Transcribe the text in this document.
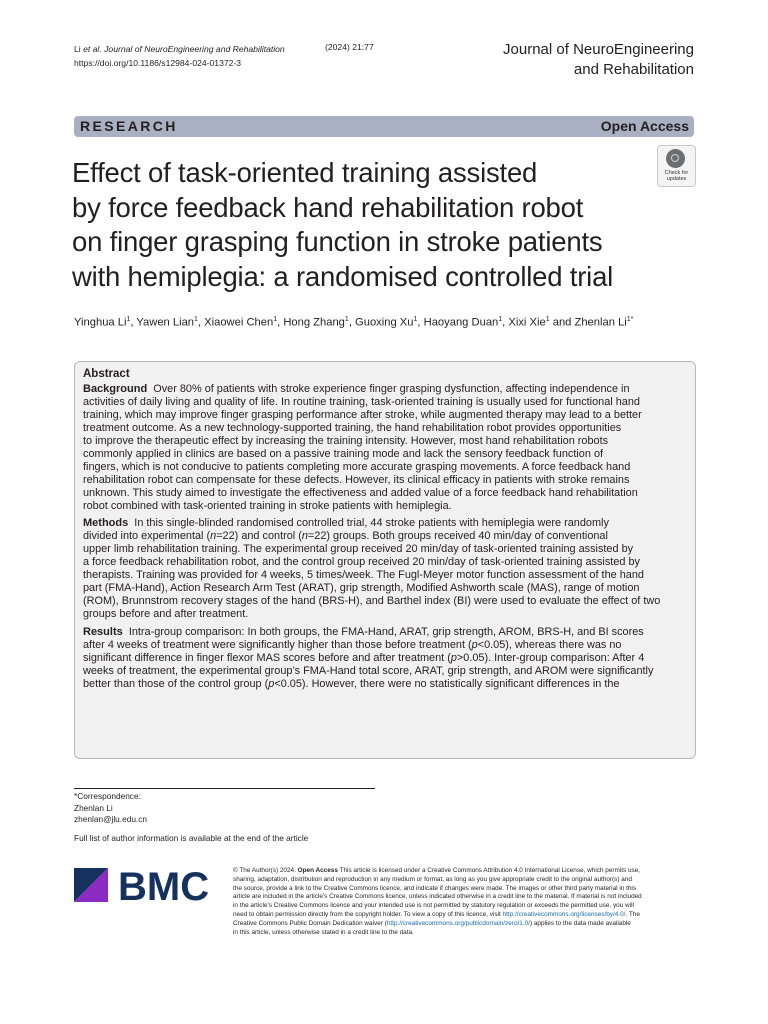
Li et al. Journal of NeuroEngineering and Rehabilitation
https://doi.org/10.1186/s12984-024-01372-3
(2024) 21:77	Journal of NeuroEngineering
and Rehabilitation
RESEARCH	Open Access
Check for
updates
Effect of task-oriented training assisted
by force feedback hand rehabilitation robot
on finger grasping function in stroke patients
with hemiplegia: a randomised controlled trial
Yinghua Li$^1$, Yawen Lian$^1$, Xiaowei Chen$^1$, Hong Zhang$^1$, Guoxing Xu$^1$, Haoyang Duan$^1$, Xixi Xie$^1$ and Zhenlan $Li^{1*}$
Abstract
Background Over 80% of patients with stroke experience finger grasping dysfunction, affecting independence in
activities of daily living and quality of life. In routine training, task-oriented training is usually used for functional hand
training, which may improve finger grasping performance after stroke, while augmented therapy may lead to a better
treatment outcome. As a new technology-supported training, the hand rehabilitation robot provides opportunities
to improve the therapeutic effect by increasing the training intensity. However, most hand rehabilitation robots
commonly applied in clinics are based on a passive training mode and lack the sensory feedback function of
fingers, which is not conducive to patients completing more accurate grasping movements. A force feedback hand
rehabilitation robot can compensate for these defects. However, its clinical efficacy in patients with stroke remains
unknown. This study aimed to investigate the effectiveness and added value of a force feedback hand rehabilitation
robot combined with task-oriented training in stroke patients with hemiplegia.
Methods In this single-blinded randomised controlled trial, 44 stroke patients with hemiplegia were randomly
divided into experimental (n=22) and control (n=22) groups. Both groups received 40 min/day of conventional
upper limb rehabilitation training. The experimental group received 20 min/day of task-oriented training assisted by
a force feedback rehabilitation robot, and the control group received 20 min/day of task-oriented training assisted by
therapists. Training was provided for 4 weeks, 5 times/week. The Fugl-Meyer motor function assessment of the hand
part (FMA-Hand), Action Research Arm Test (ARAT), grip strength, Modified Ashworth scale (MAS), range of motion
(ROM), Brunnstrom recovery stages of the hand (BRS-H), and Barthel index (BI) were used to evaluate the effect of two
groups before and after treatment.
Results Intra-group comparison: In both groups, the FMA-Hand, ARAT, grip strength, AROM, BRS-H, and BI scores
after 4 weeks of treatment were significantly higher than those before treatment (p<0.05), whereas there was no
significant difference in finger flexor MAS scores before and after treatment (p>0.05). Inter-group comparison: After 4
weeks of treatment, the experimental group’s FMA-Hand total score, ARAT, grip strength, and AROM were significantly
better than those of the control group (p<0.05). However, there were no statistically significant differences in the
*Correspondence:
Zhenlan Li
zhenlan@jlu.edu.cn
Full list of author information is available at the end of the article
BMC	© The Author(s) 2024. Open Access This article is licensed under a Creative Commons Attribution 4.0 International License, which permits use,
sharing, adaptation, distribution and reproduction in any medium or format, as long as you give appropriate credit to the original author(s) and
the source, provide a link to the Creative Commons licence, and indicate if changes were made. The images or other third party material in this
article are included in the article’s Creative Commons licence, unless indicated otherwise in a credit line to the material. If material is not included
in the article’s Creative Commons licence and your intended use is not permitted by statutory regulation or exceeds the permitted use, you will
need to obtain permission directly from the copyright holder. To view a copy of this licence, visit http://creativecommons.org/licenses/by/4.0/. The
Creative Commons Public Domain Dedication waiver (http://creativecommons.org/publicdomain/zero/1.0/) applies to the data made available
in this article, unless otherwise stated in a credit line to the data.
